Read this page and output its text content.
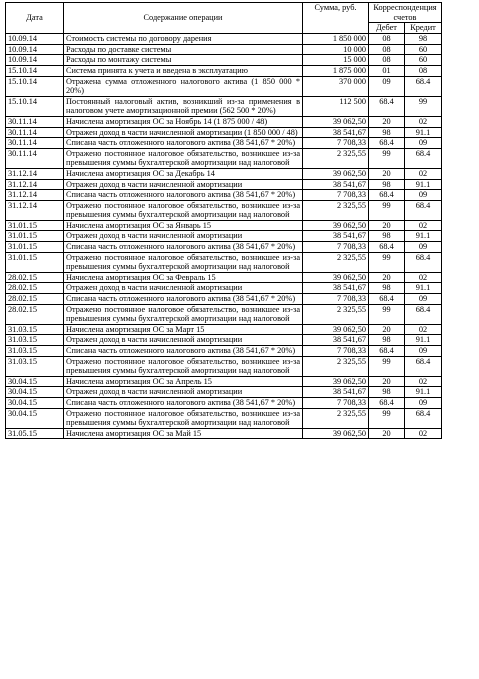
Дата	Содержание операции	Сумма, руб.	Корреспонденция счетов	
			Дебет	Кредит
10.09.14	Стоимость системы по договору дарения	1 850 000	08	98
10.09.14	Расходы по доставке системы	10 000	08	60
10.09.14	Расходы по монтажу системы	15 000	08	60
15.10.14	Система принята к учета и введена в эксплуатацию	1 875 000	01	08
15.10.14	Отражена сумма отложенного налогового актива (1 850 000 * 20%)	370 000	09	68.4
15.10.14	Постоянный налоговый актив, возникший из-за применения в налоговом учете амортизационной премии (562 500 * 20%)	112 500	68.4	99
30.11.14	Начислена амортизация ОС за Ноябрь 14 (1 875 000 / 48)	39 062,50	20	02
30.11.14	Отражен доход в части начисленной амортизации (1 850 000 / 48)	38 541,67	98	91.1
30.11.14	Списана часть отложенного налогового актива (38 541,67 * 20%)	7 708,33	68.4	09
30.11.14	Отражено постоянное налоговое обязательство, возникшее из-за превышения суммы бухгалтерской амортизации над налоговой	2 325,55	99	68.4
31.12.14	Начислена амортизация ОС за Декабрь 14	39 062,50	20	02
31.12.14	Отражен доход в части начисленной амортизации	38 541,67	98	91.1
31.12.14	Списана часть отложенного налогового актива (38 541,67 * 20%)	7 708,33	68.4	09
31.12.14	Отражено постоянное налоговое обязательство, возникшее из-за превышения суммы бухгалтерской амортизации над налоговой	2 325,55	99	68.4
31.01.15	Начислена амортизация ОС за Январь 15	39 062,50	20	02
31.01.15	Отражен доход в части начисленной амортизации	38 541,67	98	91.1
31.01.15	Списана часть отложенного налогового актива (38 541,67 * 20%)	7 708,33	68.4	09
31.01.15	Отражено постоянное налоговое обязательство, возникшее из-за превышения суммы бухгалтерской амортизации над налоговой	2 325,55	99	68.4
28.02.15	Начислена амортизация ОС за Февраль 15	39 062,50	20	02
28.02.15	Отражен доход в части начисленной амортизации	38 541,67	98	91.1
28.02.15	Списана часть отложенного налогового актива (38 541,67 * 20%)	7 708,33	68.4	09
28.02.15	Отражено постоянное налоговое обязательство, возникшее из-за превышения суммы бухгалтерской амортизации над налоговой	2 325,55	99	68.4
31.03.15	Начислена амортизация ОС за Март 15	39 062,50	20	02
31.03.15	Отражен доход в части начисленной амортизации	38 541,67	98	91.1
31.03.15	Списана часть отложенного налогового актива (38 541,67 * 20%)	7 708,33	68.4	09
31.03.15	Отражено постоянное налоговое обязательство, возникшее из-за превышения суммы бухгалтерской амортизации над налоговой	2 325,55	99	68.4
30.04.15	Начислена амортизация ОС за Апрель 15	39 062,50	20	02
30.04.15	Отражен доход в части начисленной амортизации	38 541,67	98	91.1
30.04.15	Списана часть отложенного налогового актива (38 541,67 * 20%)	7 708,33	68.4	09
30.04.15	Отражено постоянное налоговое обязательство, возникшее из-за превышения суммы бухгалтерской амортизации над налоговой	2 325,55	99	68.4
31.05.15	Начислена амортизация ОС за Май 15	39 062,50	20	02
